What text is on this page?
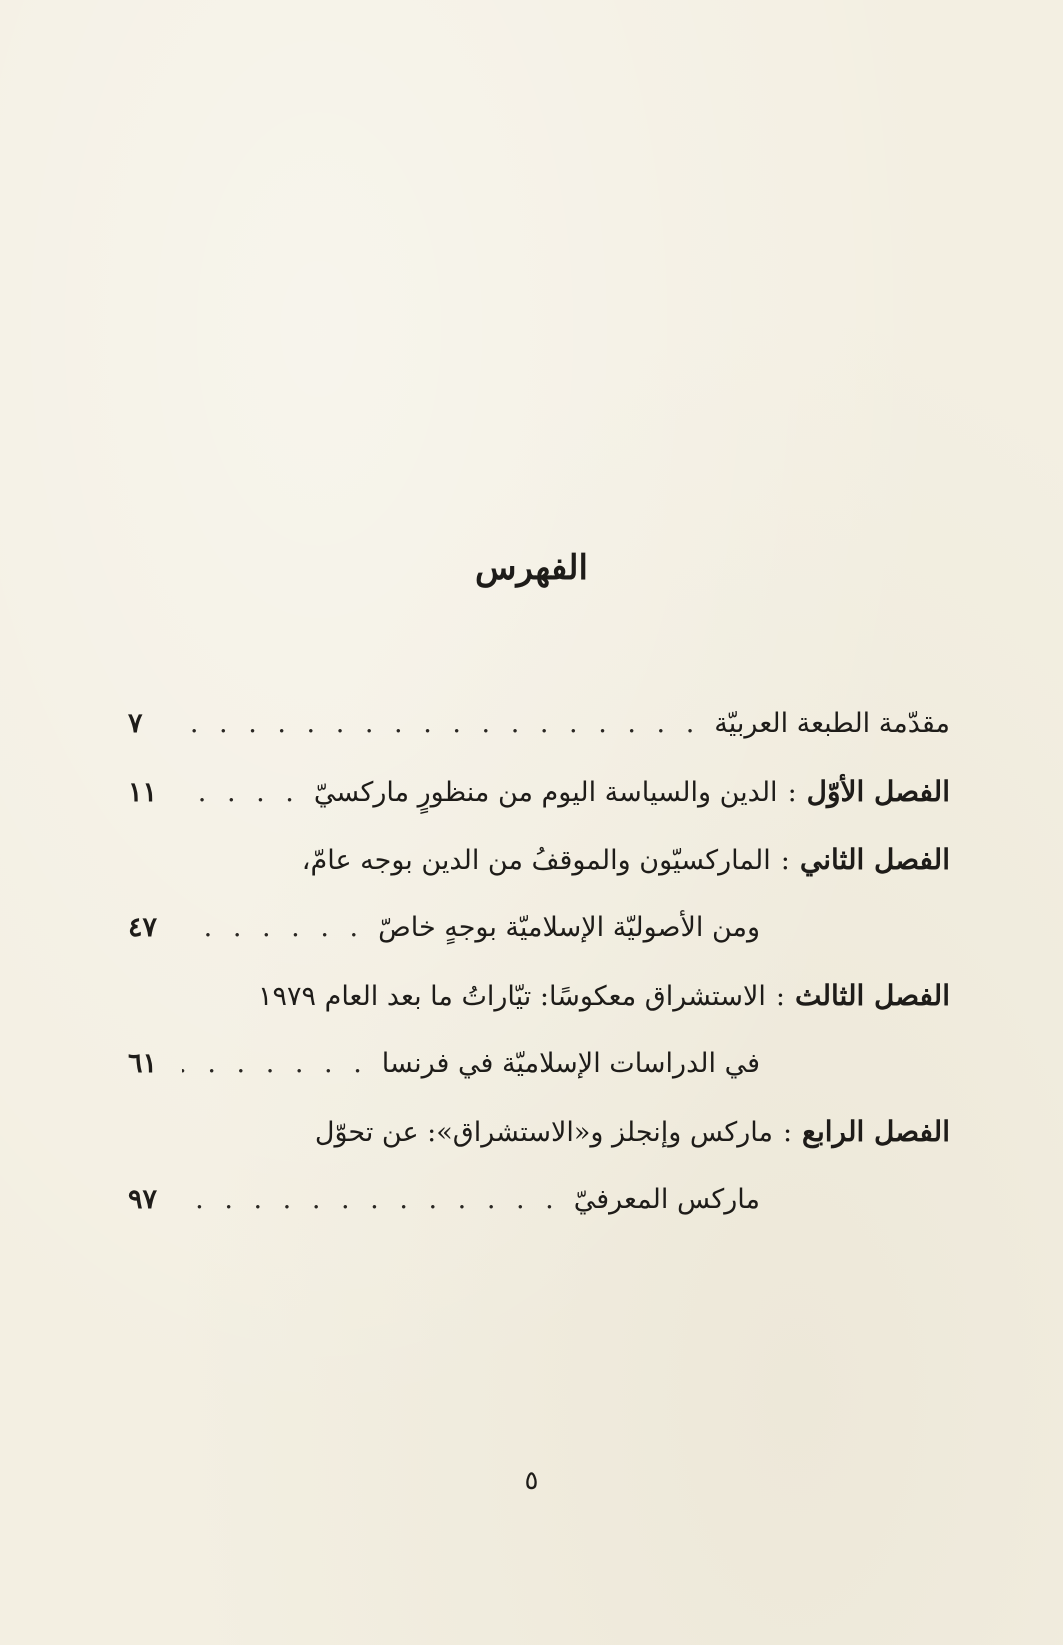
الفهرس
مقدّمة الطبعة العربيّة
. . .
٧
الفصل الأوّل
:
الدين والسياسة اليوم من منظورٍ ماركسيّ
. . .
١١
الفصل الثاني
:
الماركسيّون والموقفُ من الدين بوجه عامّ،
ومن الأصوليّة الإسلاميّة بوجهٍ خاصّ
. . .
٤٧
الفصل الثالث
:
الاستشراق معكوسًا: تيّاراتُ ما بعد العام ١٩٧٩
في الدراسات الإسلاميّة في فرنسا
. . .
٦١
الفصل الرابع
:
ماركس وإنجلز و«الاستشراق»: عن تحوّل
ماركس المعرفيّ
. . .
٩٧
٥
